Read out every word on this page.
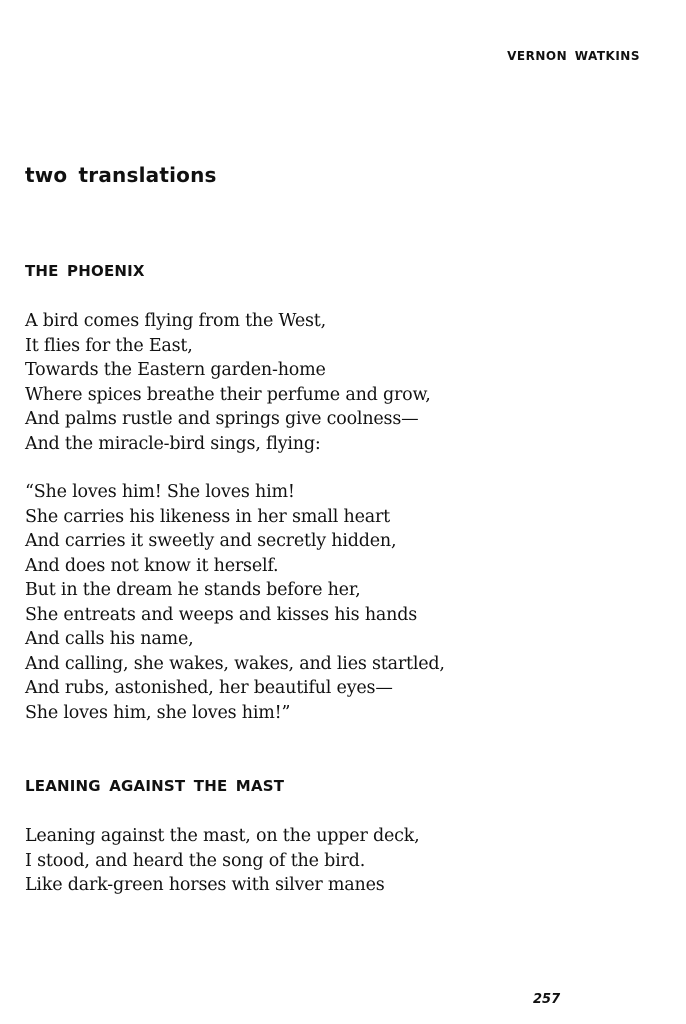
VERNON WATKINS
two translations
THE PHOENIX
A bird comes flying from the West,
It flies for the East,
Towards the Eastern garden-home
Where spices breathe their perfume and grow,
And palms rustle and springs give coolness—
And the miracle-bird sings, flying:
“She loves him! She loves him!
She carries his likeness in her small heart
And carries it sweetly and secretly hidden,
And does not know it herself.
But in the dream he stands before her,
She entreats and weeps and kisses his hands
And calls his name,
And calling, she wakes, wakes, and lies startled,
And rubs, astonished, her beautiful eyes—
She loves him, she loves him!”
LEANING AGAINST THE MAST
Leaning against the mast, on the upper deck,
I stood, and heard the song of the bird.
Like dark-green horses with silver manes
257
